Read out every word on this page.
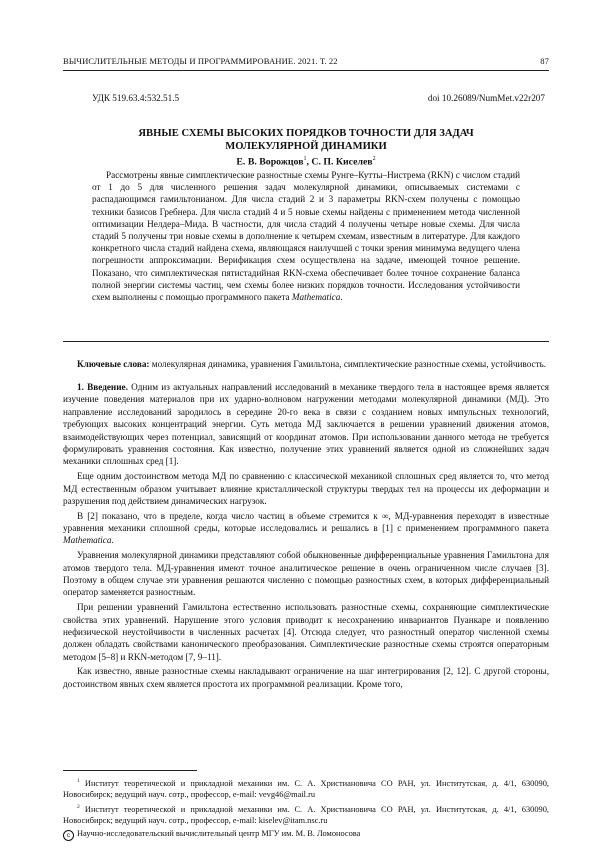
ВЫЧИСЛИТЕЛЬНЫЕ МЕТОДЫ И ПРОГРАММИРОВАНИЕ. 2021. Т. 22	87
УДК 519.63.4:532.51.5	doi 10.26089/NumMet.v22r207
ЯВНЫЕ СХЕМЫ ВЫСОКИХ ПОРЯДКОВ ТОЧНОСТИ ДЛЯ ЗАДАЧ
МОЛЕКУЛЯРНОЙ ДИНАМИКИ
Е. В. Ворожцов$^1$, С. П. Киселев$^2$

Рассмотрены явные симплектические разностные схемы Рунге–Кутты–Нистрема (RKN) с числом стадий от 1 до 5 для численного решения задач молекулярной динамики, описываемых системами с распадающимся гамильтонианом. Для числа стадий 2 и 3 параметры RKN-схем получены с помощью техники базисов Гребнера. Для числа стадий 4 и 5 новые схемы найдены с применением метода численной оптимизации Нелдера–Мида. В частности, для числа стадий 4 получены четыре новые схемы. Для числа стадий 5 получены три новые схемы в дополнение к четырем схемам, известным в литературе. Для каждого конкретного числа стадий найдена схема, являющаяся наилучшей с точки зрения минимума ведущего члена погрешности аппроксимации. Верификация схем осуществлена на задаче, имеющей точное решение. Показано, что симплектическая пятистадийная RKN-схема обеспечивает более точное сохранение баланса полной энергии системы частиц, чем схемы более низких порядков точности. Исследования устойчивости схем выполнены с помощью программного пакета Mathematica.

Ключевые слова: молекулярная динамика, уравнения Гамильтона, симплектические разностные схемы, устойчивость.

1. Введение. Одним из актуальных направлений исследований в механике твердого тела в настоящее время является изучение поведения материалов при их ударно-волновом нагружении методами молекулярной динамики (МД). Это направление исследований зародилось в середине 20-го века в связи с созданием новых импульсных технологий, требующих высоких концентраций энергии. Суть метода МД заключается в решении уравнений движения атомов, взаимодействующих через потенциал, зависящий от координат атомов. При использовании данного метода не требуется формулировать уравнения состояния. Как известно, получение этих уравнений является одной из сложнейших задач механики сплошных сред [1].

Еще одним достоинством метода МД по сравнению с классической механикой сплошных сред является то, что метод МД естественным образом учитывает влияние кристаллической структуры твердых тел на процессы их деформации и разрушения под действием динамических нагрузок.

В [2] показано, что в пределе, когда число частиц в объеме стремится к ∞, МД-уравнения переходят в известные уравнения механики сплошной среды, которые исследовались и решались в [1] с применением программного пакета Mathematica.

Уравнения молекулярной динамики представляют собой обыкновенные дифференциальные уравнения Гамильтона для атомов твердого тела. МД-уравнения имеют точное аналитическое решение в очень ограниченном числе случаев [3]. Поэтому в общем случае эти уравнения решаются численно с помощью разностных схем, в которых дифференциальный оператор заменяется разностным.

При решении уравнений Гамильтона естественно использовать разностные схемы, сохраняющие симплектические свойства этих уравнений. Нарушение этого условия приводит к несохранению инвариантов Пуанкаре и появлению нефизической неустойчивости в численных расчетах [4]. Отсюда следует, что разностный оператор численной схемы должен обладать свойствами канонического преобразования. Симплектические разностные схемы строятся операторным методом [5–8] и RKN-методом [7, 9–11].

Как известно, явные разностные схемы накладывают ограничение на шаг интегрирования [2, 12]. С другой стороны, достоинством явных схем является простота их программной реализации. Кроме того,

$^1$ Институт теоретической и прикладной механики им. С. А. Христиановича СО РАН, ул. Институтская, д. 4/1, 630090, Новосибирск; ведущий науч. сотр., профессор, e-mail: vevg46@mail.ru

$^2$ Институт теоретической и прикладной механики им. С. А. Христиановича СО РАН, ул. Институтская, д. 4/1, 630090, Новосибирск; ведущий науч. сотр., профессор, e-mail: kiselev@itam.nsc.ru

c Научно-исследовательский вычислительный центр МГУ им. М. В. Ломоносова
